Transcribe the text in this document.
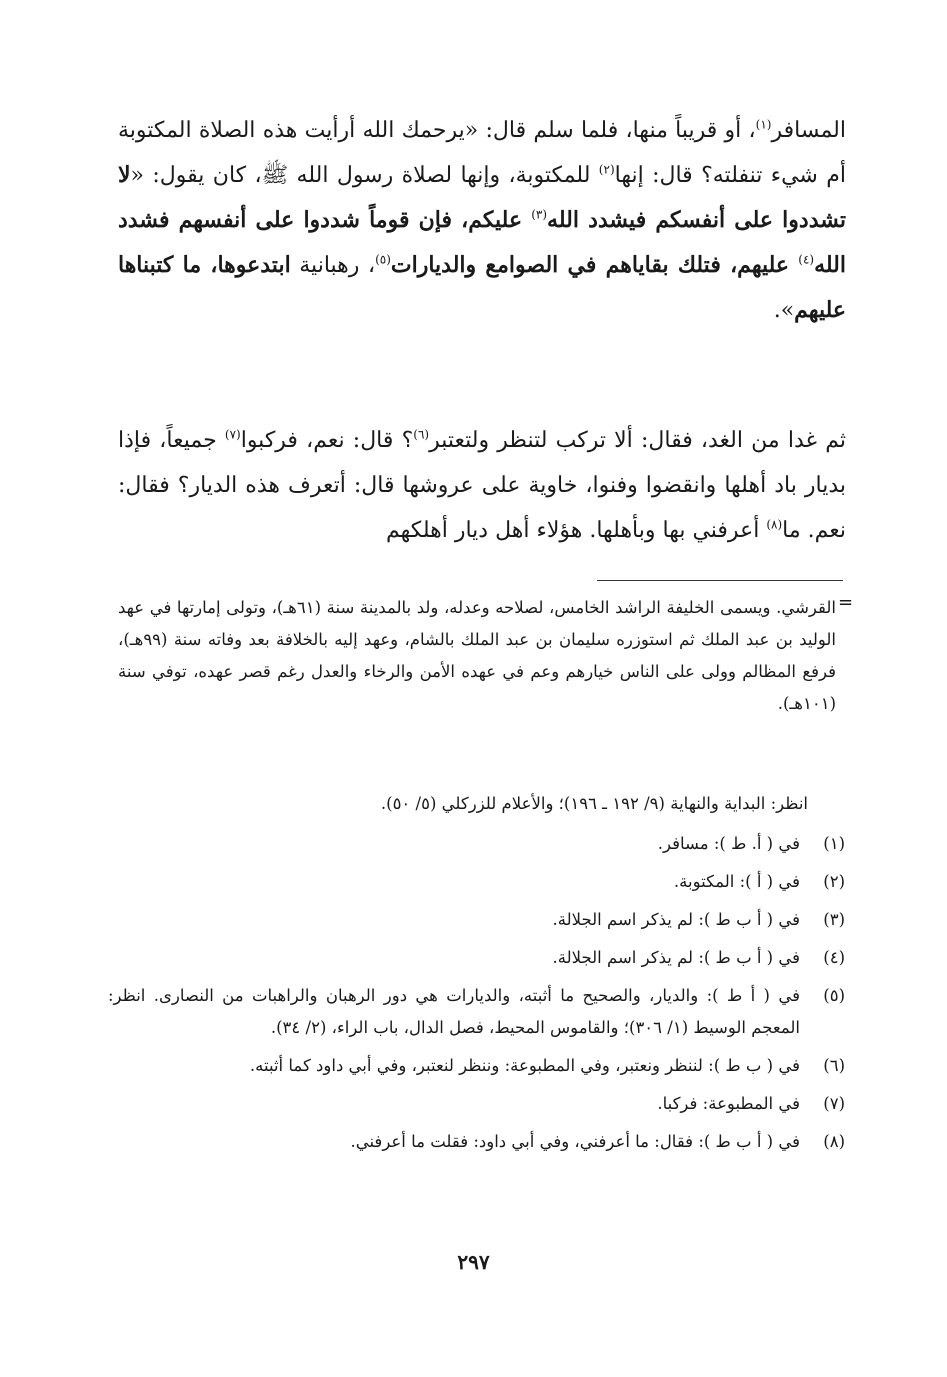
المسافر$^{(١)}$، أو قريباً منها، فلما سلم قال: «يرحمك الله أرأيت هذه الصلاة المكتوبة أم شيء تنفلته؟ قال: إنها$^{(٢)}$ للمكتوبة، وإنها لصلاة رسول الله ﷺ، كان يقول: «لا تشددوا على أنفسكم فيشدد الله$^{(٣)}$ عليكم، فإن قوماً شددوا على أنفسهم فشدد الله$^{(٤)}$ عليهم، فتلك بقاياهم في الصوامع والديارات$^{(٥)}$، رهبانية ابتدعوها، ما كتبناها عليهم».

ثم غدا من الغد، فقال: ألا تركب لتنظر ولتعتبر$^{(٦)}$؟ قال: نعم، فركبوا$^{(٧)}$ جميعاً، فإذا بديار باد أهلها وانقضوا وفنوا، خاوية على عروشها قال: أتعرف هذه الديار؟ فقال: نعم. ما$^{(٨)}$ أعرفني بها وبأهلها. هؤلاء أهل ديار أهلكهم

=

القرشي. ويسمى الخليفة الراشد الخامس، لصلاحه وعدله، ولد بالمدينة سنة (٦١هـ)، وتولى إمارتها في عهد الوليد بن عبد الملك ثم استوزره سليمان بن عبد الملك بالشام، وعهد إليه بالخلافة بعد وفاته سنة (٩٩هـ)، فرفع المظالم وولى على الناس خيارهم وعم في عهده الأمن والرخاء والعدل رغم قصر عهده، توفي سنة (١٠١هـ).

انظر: البداية والنهاية (٩/ ١٩٢ ـ ١٩٦)؛ والأعلام للزركلي (٥/ ٥٠).

(١)
في ( أ. ط ): مسافر.
(٢)
في ( أ ): المكتوبة.
(٣)
في ( أ ب ط ): لم يذكر اسم الجلالة.
(٤)
في ( أ ب ط ): لم يذكر اسم الجلالة.
(٥)
في ( أ ط ): والديار، والصحيح ما أثبته، والديارات هي دور الرهبان والراهبات من النصارى. انظر: المعجم الوسيط (١/ ٣٠٦)؛ والقاموس المحيط، فصل الدال، باب الراء، (٢/ ٣٤).
(٦)
في ( ب ط ): لننظر ونعتبر، وفي المطبوعة: وننظر لنعتبر، وفي أبي داود كما أثبته.
(٧)
في المطبوعة: فركبا.
(٨)
في ( أ ب ط ): فقال: ما أعرفني، وفي أبي داود: فقلت ما أعرفني.
٢٩٧
